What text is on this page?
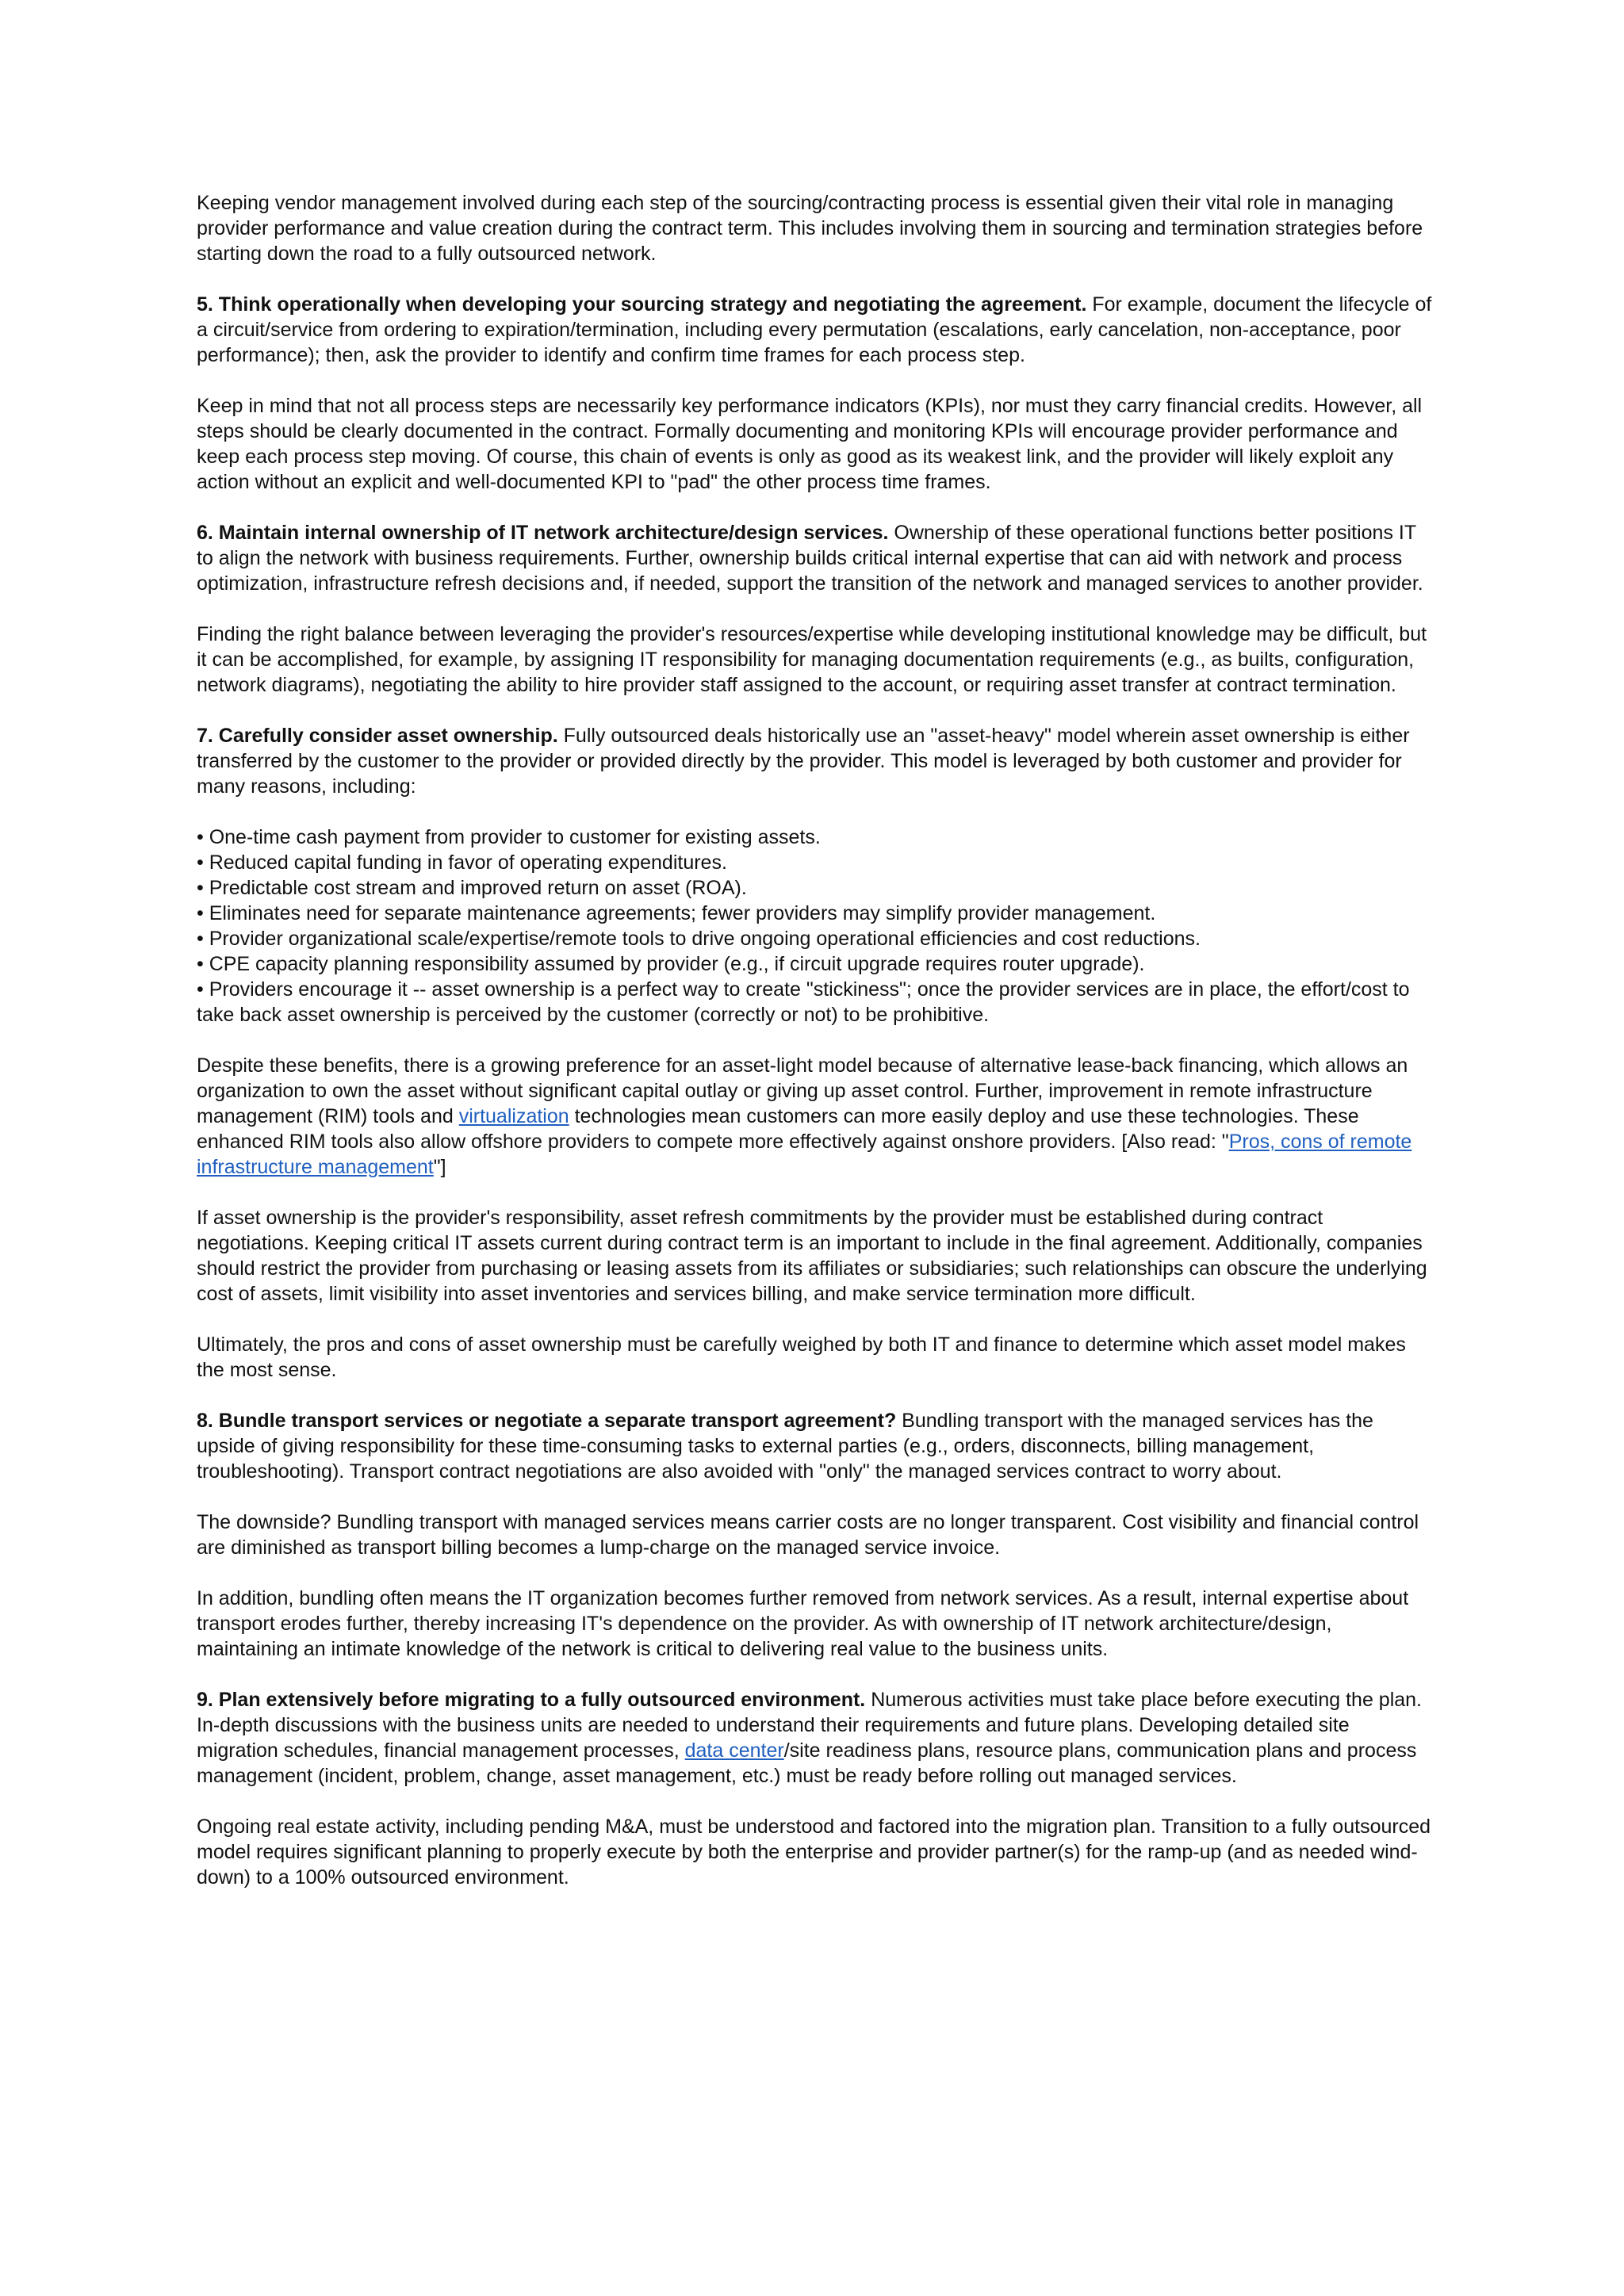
Keeping vendor management involved during each step of the sourcing/contracting process is essential given their vital role in managing provider performance and value creation during the contract term. This includes involving them in sourcing and termination strategies before starting down the road to a fully outsourced network.

5. Think operationally when developing your sourcing strategy and negotiating the agreement. For example, document the lifecycle of a circuit/service from ordering to expiration/termination, including every permutation (escalations, early cancelation, non-acceptance, poor performance); then, ask the provider to identify and confirm time frames for each process step.

Keep in mind that not all process steps are necessarily key performance indicators (KPIs), nor must they carry financial credits. However, all steps should be clearly documented in the contract. Formally documenting and monitoring KPIs will encourage provider performance and keep each process step moving. Of course, this chain of events is only as good as its weakest link, and the provider will likely exploit any action without an explicit and well-documented KPI to "pad" the other process time frames.

6. Maintain internal ownership of IT network architecture/design services. Ownership of these operational functions better positions IT to align the network with business requirements. Further, ownership builds critical internal expertise that can aid with network and process optimization, infrastructure refresh decisions and, if needed, support the transition of the network and managed services to another provider.

Finding the right balance between leveraging the provider's resources/expertise while developing institutional knowledge may be difficult, but it can be accomplished, for example, by assigning IT responsibility for managing documentation requirements (e.g., as builts, configuration, network diagrams), negotiating the ability to hire provider staff assigned to the account, or requiring asset transfer at contract termination.

7. Carefully consider asset ownership. Fully outsourced deals historically use an "asset-heavy" model wherein asset ownership is either transferred by the customer to the provider or provided directly by the provider. This model is leveraged by both customer and provider for many reasons, including:

• One-time cash payment from provider to customer for existing assets.
• Reduced capital funding in favor of operating expenditures.
• Predictable cost stream and improved return on asset (ROA).
• Eliminates need for separate maintenance agreements; fewer providers may simplify provider management.
• Provider organizational scale/expertise/remote tools to drive ongoing operational efficiencies and cost reductions.
• CPE capacity planning responsibility assumed by provider (e.g., if circuit upgrade requires router upgrade).
• Providers encourage it -- asset ownership is a perfect way to create "stickiness"; once the provider services are in place, the effort/cost to take back asset ownership is perceived by the customer (correctly or not) to be prohibitive.

Despite these benefits, there is a growing preference for an asset-light model because of alternative lease-back financing, which allows an organization to own the asset without significant capital outlay or giving up asset control. Further, improvement in remote infrastructure management (RIM) tools and virtualization technologies mean customers can more easily deploy and use these technologies. These enhanced RIM tools also allow offshore providers to compete more effectively against onshore providers. [Also read: "Pros, cons of remote infrastructure management"]

If asset ownership is the provider's responsibility, asset refresh commitments by the provider must be established during contract negotiations. Keeping critical IT assets current during contract term is an important to include in the final agreement. Additionally, companies should restrict the provider from purchasing or leasing assets from its affiliates or subsidiaries; such relationships can obscure the underlying cost of assets, limit visibility into asset inventories and services billing, and make service termination more difficult.

Ultimately, the pros and cons of asset ownership must be carefully weighed by both IT and finance to determine which asset model makes the most sense.

8. Bundle transport services or negotiate a separate transport agreement? Bundling transport with the managed services has the upside of giving responsibility for these time-consuming tasks to external parties (e.g., orders, disconnects, billing management, troubleshooting). Transport contract negotiations are also avoided with "only" the managed services contract to worry about.

The downside? Bundling transport with managed services means carrier costs are no longer transparent. Cost visibility and financial control are diminished as transport billing becomes a lump-charge on the managed service invoice.

In addition, bundling often means the IT organization becomes further removed from network services. As a result, internal expertise about transport erodes further, thereby increasing IT's dependence on the provider. As with ownership of IT network architecture/design, maintaining an intimate knowledge of the network is critical to delivering real value to the business units.

9. Plan extensively before migrating to a fully outsourced environment. Numerous activities must take place before executing the plan. In-depth discussions with the business units are needed to understand their requirements and future plans. Developing detailed site migration schedules, financial management processes, data center/site readiness plans, resource plans, communication plans and process management (incident, problem, change, asset management, etc.) must be ready before rolling out managed services.

Ongoing real estate activity, including pending M&A, must be understood and factored into the migration plan. Transition to a fully outsourced model requires significant planning to properly execute by both the enterprise and provider partner(s) for the ramp-up (and as needed wind-down) to a 100% outsourced environment.
